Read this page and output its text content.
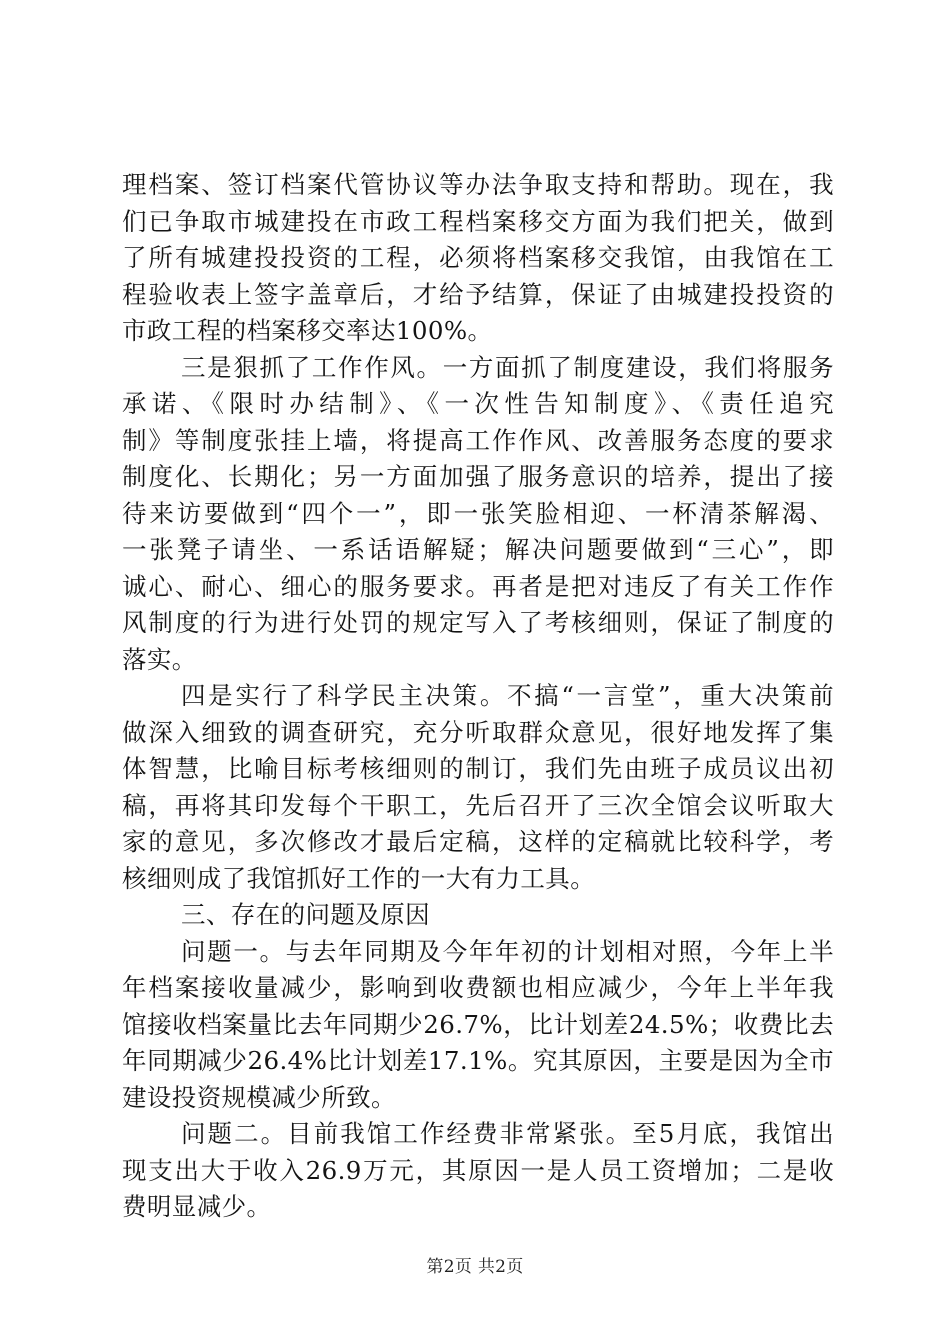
理档案、签订档案代管协议等办法争取支持和帮助。现在，我
们已争取市城建投在市政工程档案移交方面为我们把关，做到
了所有城建投投资的工程，必须将档案移交我馆，由我馆在工
程验收表上签字盖章后，才给予结算，保证了由城建投投资的
市政工程的档案移交率达100%。
三是狠抓了工作作风。一方面抓了制度建设，我们将服务
承诺、《限时办结制》、《一次性告知制度》、《责任追究
制》等制度张挂上墙，将提高工作作风、改善服务态度的要求
制度化、长期化；另一方面加强了服务意识的培养，提出了接
待来访要做到“四个一”，即一张笑脸相迎、一杯清茶解渴、
一张凳子请坐、一系话语解疑；解决问题要做到“三心”，即
诚心、耐心、细心的服务要求。再者是把对违反了有关工作作
风制度的行为进行处罚的规定写入了考核细则，保证了制度的
落实。
四是实行了科学民主决策。不搞“一言堂”，重大决策前
做深入细致的调查研究，充分听取群众意见，很好地发挥了集
体智慧，比喻目标考核细则的制订，我们先由班子成员议出初
稿，再将其印发每个干职工，先后召开了三次全馆会议听取大
家的意见，多次修改才最后定稿，这样的定稿就比较科学，考
核细则成了我馆抓好工作的一大有力工具。
三、存在的问题及原因
问题一。与去年同期及今年年初的计划相对照，今年上半
年档案接收量减少，影响到收费额也相应减少，今年上半年我
馆接收档案量比去年同期少26.7%，比计划差24.5%；收费比去
年同期减少26.4%比计划差17.1%。究其原因，主要是因为全市
建设投资规模减少所致。
问题二。目前我馆工作经费非常紧张。至5月底，我馆出
现支出大于收入26.9万元，其原因一是人员工资增加；二是收
费明显减少。
第2页 共2页
